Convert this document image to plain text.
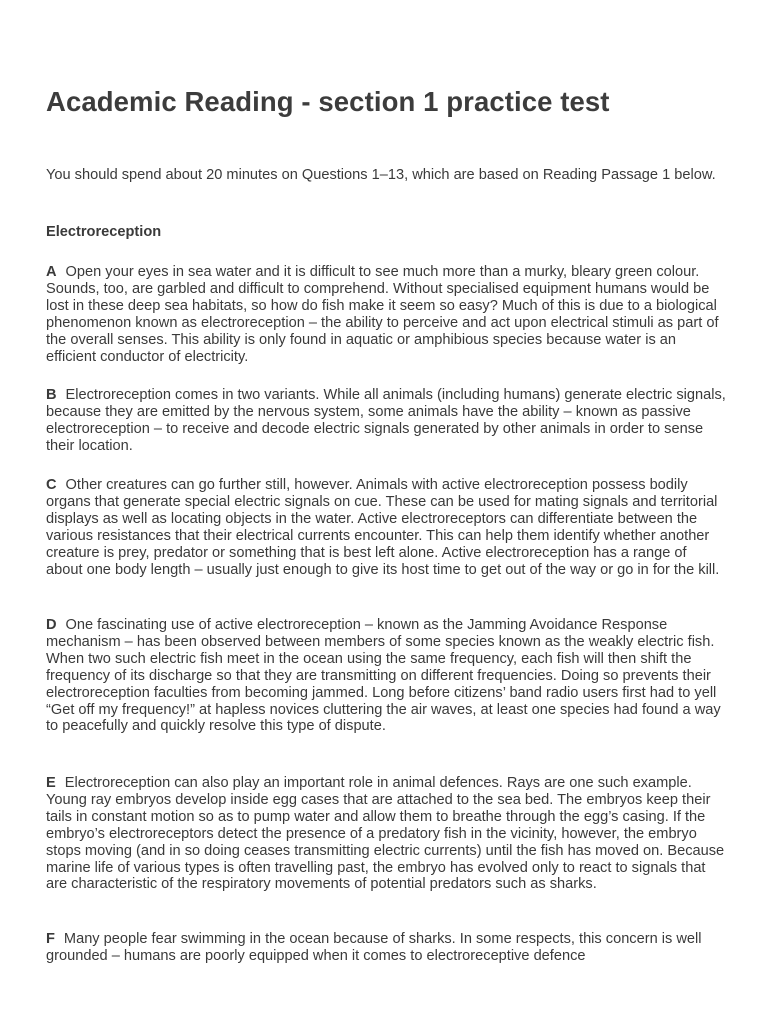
Academic Reading - section 1 practice test

You should spend about 20 minutes on Questions 1–13, which are based on Reading Passage 1 below.

Electroreception

A Open your eyes in sea water and it is difficult to see much more than a murky, bleary green colour. Sounds, too, are garbled and difficult to comprehend. Without specialised equipment humans would be lost in these deep sea habitats, so how do fish make it seem so easy? Much of this is due to a biological phenomenon known as electroreception – the ability to perceive and act upon electrical stimuli as part of the overall senses. This ability is only found in aquatic or amphibious species because water is an efficient conductor of electricity.

B Electroreception comes in two variants. While all animals (including humans) generate electric signals, because they are emitted by the nervous system, some animals have the ability – known as passive electroreception – to receive and decode electric signals generated by other animals in order to sense their location.

C Other creatures can go further still, however. Animals with active electroreception possess bodily organs that generate special electric signals on cue. These can be used for mating signals and territorial displays as well as locating objects in the water. Active electroreceptors can differentiate between the various resistances that their electrical currents encounter. This can help them identify whether another creature is prey, predator or something that is best left alone. Active electroreception has a range of about one body length – usually just enough to give its host time to get out of the way or go in for the kill.

D One fascinating use of active electroreception – known as the Jamming Avoidance Response mechanism – has been observed between members of some species known as the weakly electric fish. When two such electric fish meet in the ocean using the same frequency, each fish will then shift the frequency of its discharge so that they are transmitting on different frequencies. Doing so prevents their electroreception faculties from becoming jammed. Long before citizens’ band radio users first had to yell “Get off my frequency!” at hapless novices cluttering the air waves, at least one species had found a way to peacefully and quickly resolve this type of dispute.

E Electroreception can also play an important role in animal defences. Rays are one such example. Young ray embryos develop inside egg cases that are attached to the sea bed. The embryos keep their tails in constant motion so as to pump water and allow them to breathe through the egg’s casing. If the embryo’s electroreceptors detect the presence of a predatory fish in the vicinity, however, the embryo stops moving (and in so doing ceases transmitting electric currents) until the fish has moved on. Because marine life of various types is often travelling past, the embryo has evolved only to react to signals that are characteristic of the respiratory movements of potential predators such as sharks.

F Many people fear swimming in the ocean because of sharks. In some respects, this concern is well grounded – humans are poorly equipped when it comes to electroreceptive defence
